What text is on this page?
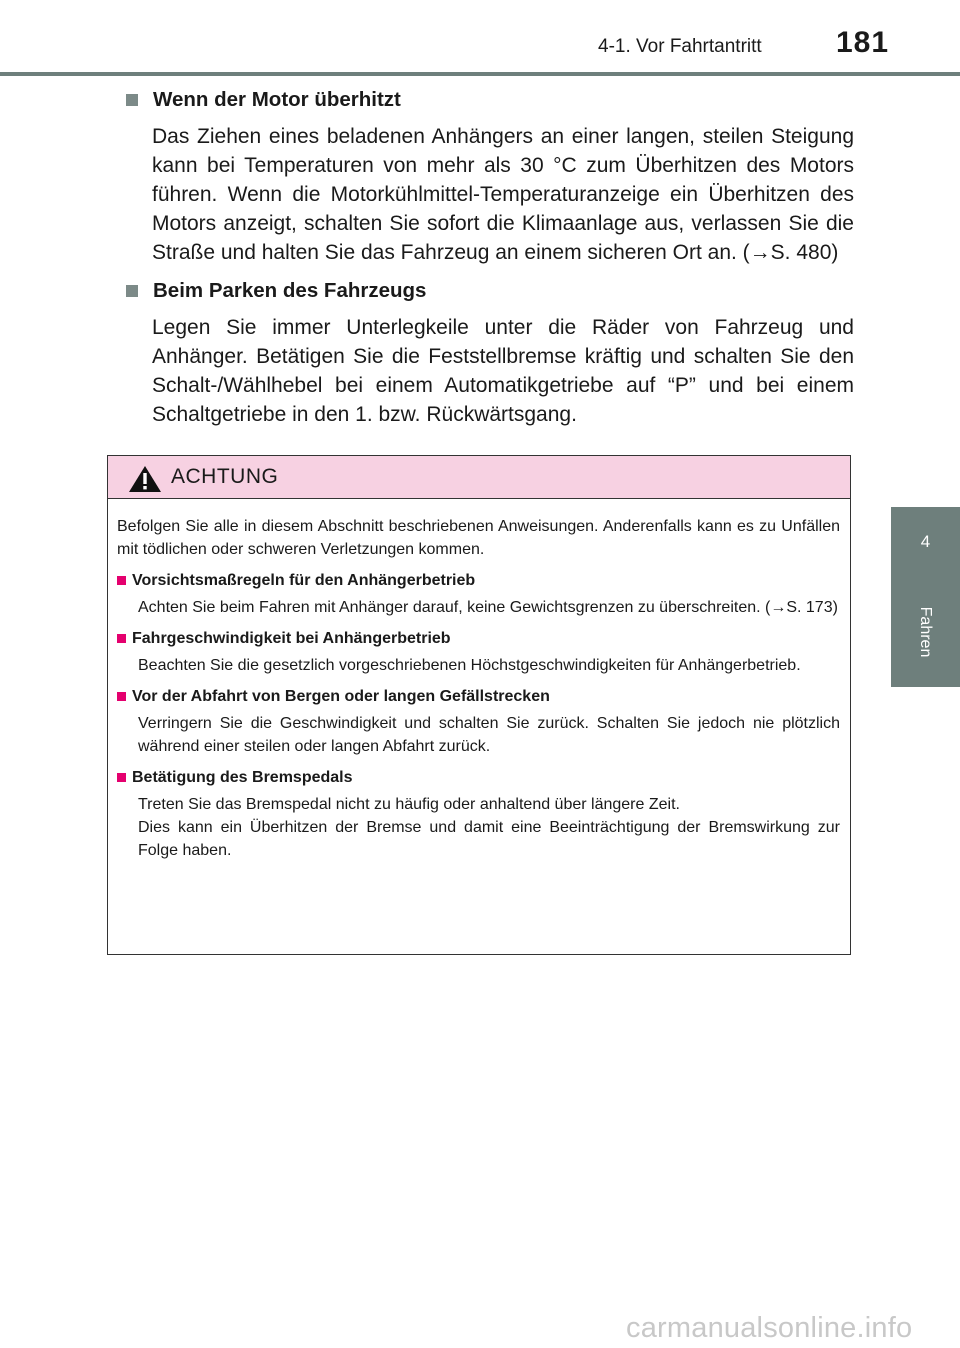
4-1. Vor Fahrtantritt 181
4
Fahren
Wenn der Motor überhitzt
Das Ziehen eines beladenen Anhängers an einer langen, steilen Steigung kann bei Temperaturen von mehr als 30 °C zum Überhitzen des Motors führen. Wenn die Motorkühlmittel-Temperaturanzeige ein Überhitzen des Motors anzeigt, schalten Sie sofort die Klimaanlage aus, verlassen Sie die Straße und halten Sie das Fahrzeug an einem sicheren Ort an. (→S. 480)
Beim Parken des Fahrzeugs
Legen Sie immer Unterlegkeile unter die Räder von Fahrzeug und Anhänger. Betätigen Sie die Feststellbremse kräftig und schalten Sie den Schalt-/Wählhebel bei einem Automatikgetriebe auf “P” und bei einem Schaltgetriebe in den 1. bzw. Rückwärtsgang.
ACHTUNG
Befolgen Sie alle in diesem Abschnitt beschriebenen Anweisungen. Anderenfalls kann es zu Unfällen mit tödlichen oder schweren Verletzungen kommen.
Vorsichtsmaßregeln für den Anhängerbetrieb
Achten Sie beim Fahren mit Anhänger darauf, keine Gewichtsgrenzen zu überschreiten. (→S. 173)
Fahrgeschwindigkeit bei Anhängerbetrieb
Beachten Sie die gesetzlich vorgeschriebenen Höchstgeschwindigkeiten für Anhängerbetrieb.
Vor der Abfahrt von Bergen oder langen Gefällstrecken
Verringern Sie die Geschwindigkeit und schalten Sie zurück. Schalten Sie jedoch nie plötzlich während einer steilen oder langen Abfahrt zurück.
Betätigung des Bremspedals
Treten Sie das Bremspedal nicht zu häufig oder anhaltend über längere Zeit.
Dies kann ein Überhitzen der Bremse und damit eine Beeinträchtigung der Bremswirkung zur Folge haben.
carmanualsonline.info
